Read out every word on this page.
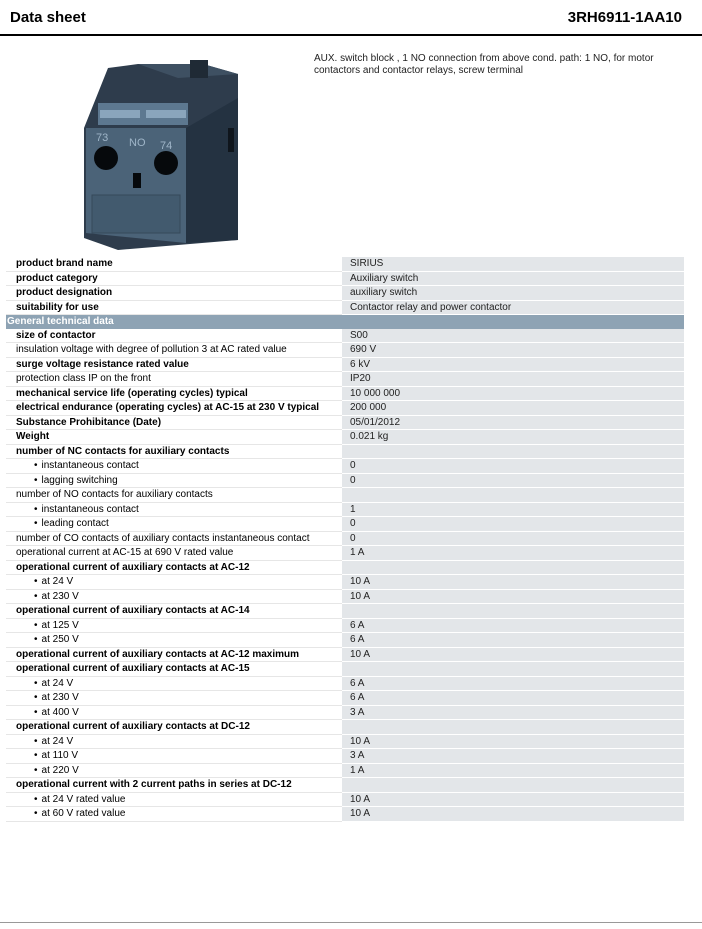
Data sheet	3RH6911-1AA10
73 NO 74
AUX. switch block , 1 NO connection from above cond. path: 1 NO, for motor contactors and contactor relays, screw terminal
product brand name	SIRIUS
product category	Auxiliary switch
product designation	auxiliary switch
suitability for use	Contactor relay and power contactor
General technical data	
size of contactor	S00
insulation voltage with degree of pollution 3 at AC rated value	690 V
surge voltage resistance rated value	6 kV
protection class IP on the front	IP20
mechanical service life (operating cycles) typical	10 000 000
electrical endurance (operating cycles) at AC-15 at 230 V typical	200 000
Substance Prohibitance (Date)	05/01/2012
Weight	0.021 kg
number of NC contacts for auxiliary contacts	
• instantaneous contact	0
• lagging switching	0
number of NO contacts for auxiliary contacts	
• instantaneous contact	1
• leading contact	0
number of CO contacts of auxiliary contacts instantaneous contact	0
operational current at AC-15 at 690 V rated value	1 A
operational current of auxiliary contacts at AC-12	
• at 24 V	10 A
• at 230 V	10 A
operational current of auxiliary contacts at AC-14	
• at 125 V	6 A
• at 250 V	6 A
operational current of auxiliary contacts at AC-12 maximum	10 A
operational current of auxiliary contacts at AC-15	
• at 24 V	6 A
• at 230 V	6 A
• at 400 V	3 A
operational current of auxiliary contacts at DC-12	
• at 24 V	10 A
• at 110 V	3 A
• at 220 V	1 A
operational current with 2 current paths in series at DC-12	
• at 24 V rated value	10 A
• at 60 V rated value	10 A
